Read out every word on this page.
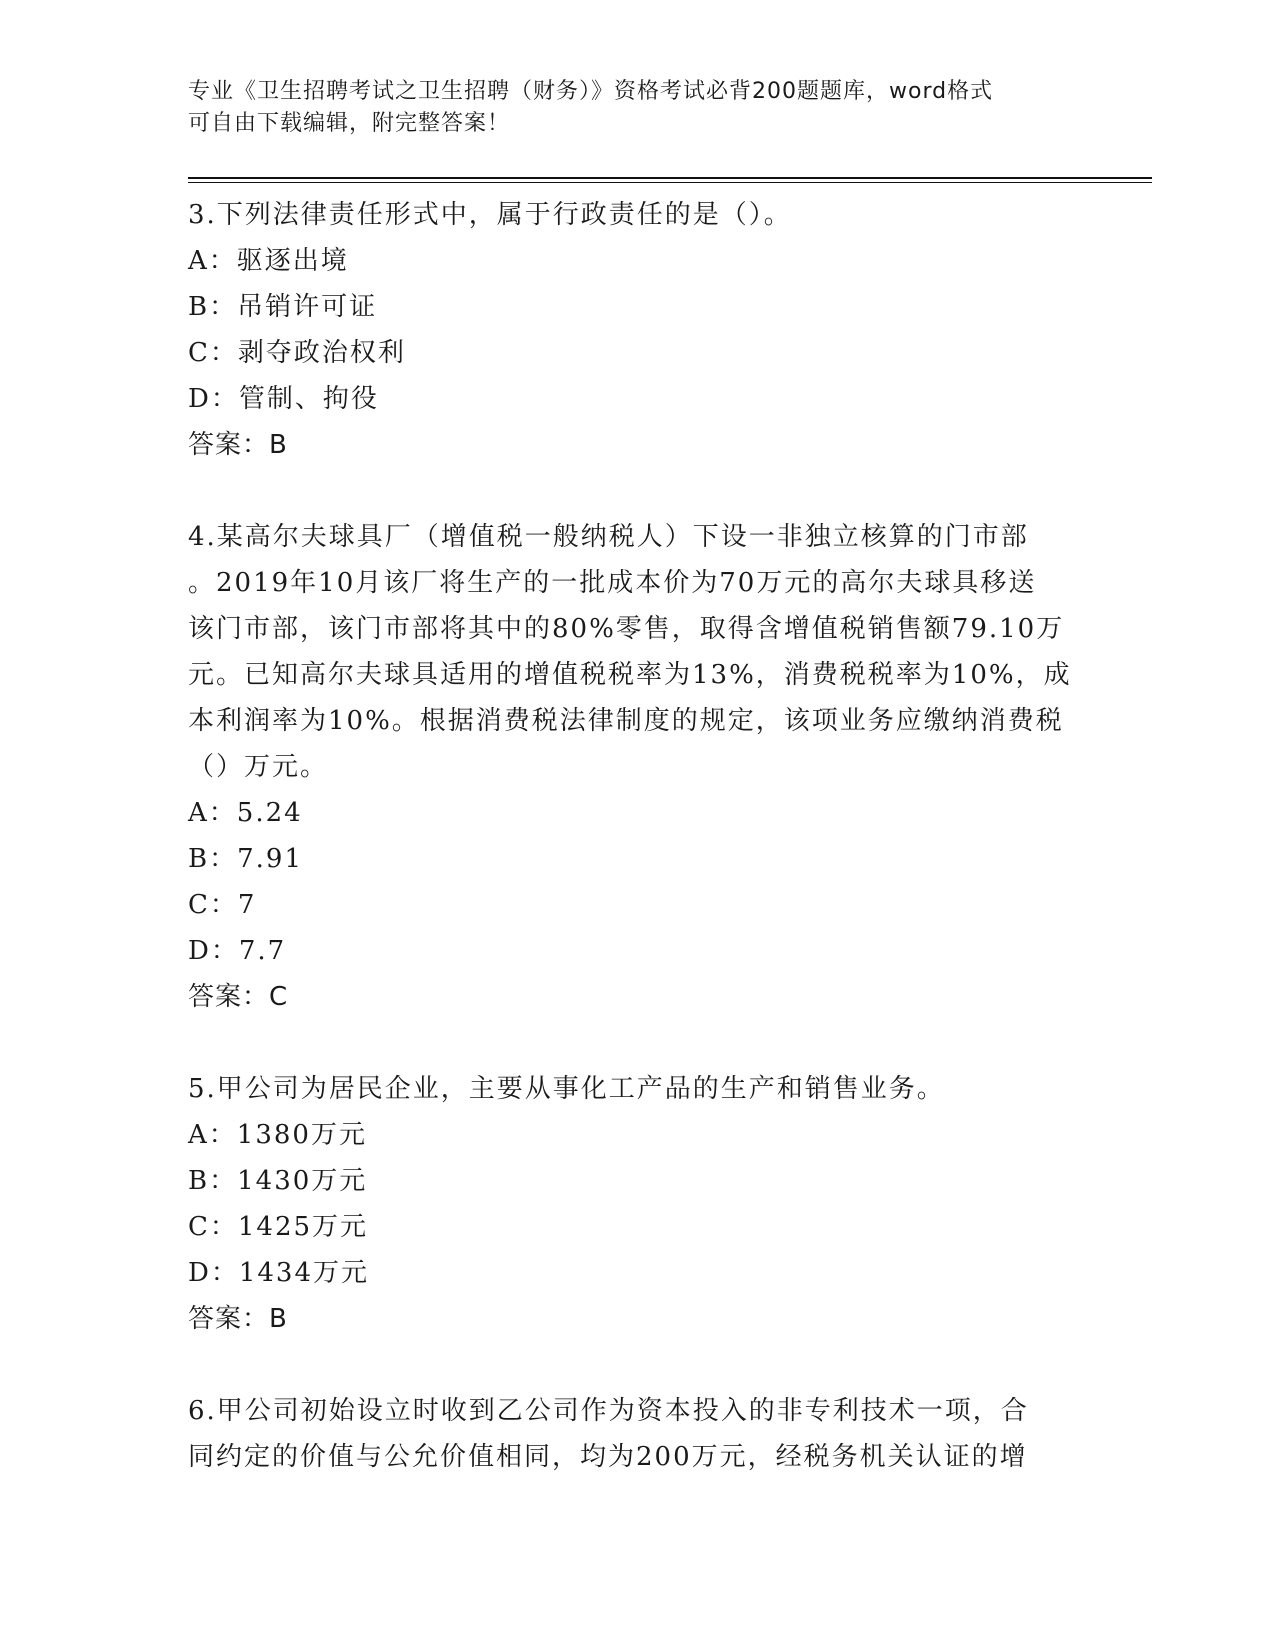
专业《卫生招聘考试之卫生招聘（财务）》资格考试必背200题题库，word格式
可自由下载编辑，附完整答案！
3.下列法律责任形式中，属于行政责任的是（）。
A：驱逐出境
B：吊销许可证
C：剥夺政治权利
D：管制、拘役
答案：B
4.某高尔夫球具厂（增值税一般纳税人）下设一非独立核算的门市部
。2019年10月该厂将生产的一批成本价为70万元的高尔夫球具移送
该门市部，该门市部将其中的80%零售，取得含增值税销售额79.10万
元。已知高尔夫球具适用的增值税税率为13%，消费税税率为10%，成
本利润率为10%。根据消费税法律制度的规定，该项业务应缴纳消费税
（）万元。
A：5.24
B：7.91
C：7
D：7.7
答案：C
5.甲公司为居民企业，主要从事化工产品的生产和销售业务。
A：1380万元
B：1430万元
C：1425万元
D：1434万元
答案：B
6.甲公司初始设立时收到乙公司作为资本投入的非专利技术一项，合
同约定的价值与公允价值相同，均为200万元，经税务机关认证的增
